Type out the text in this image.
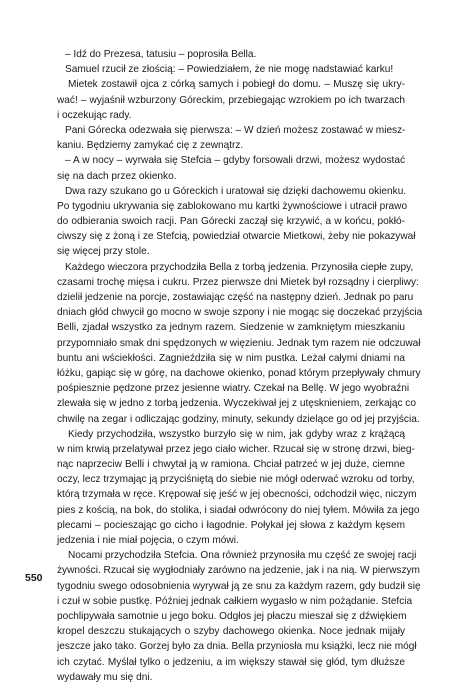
– Idź do Prezesa, tatusiu – poprosiła Bella.
Samuel rzucił ze złością: – Powiedziałem, że nie mogę nadstawiać karku!
Mietek zostawił ojca z córką samych i pobiegł do domu. – Muszę się ukry-
wać! – wyjaśnił wzburzony Góreckim, przebiegając wzrokiem po ich twarzach
i oczekując rady.
Pani Górecka odezwała się pierwsza: – W dzień możesz zostawać w miesz-
kaniu. Będziemy zamykać cię z zewnątrz.
– A w nocy – wyrwała się Stefcia – gdyby forsowali drzwi, możesz wydostać
się na dach przez okienko.
Dwa razy szukano go u Góreckich i uratował się dzięki dachowemu okienku.
Po tygodniu ukrywania się zablokowano mu kartki żywnościowe i utracił prawo
do odbierania swoich racji. Pan Górecki zaczął się krzywić, a w końcu, pokłó-
ciwszy się z żoną i ze Stefcią, powiedział otwarcie Mietkowi, żeby nie pokazywał
się więcej przy stole.
Każdego wieczora przychodziła Bella z torbą jedzenia. Przynosiła ciepłe zupy,
czasami trochę mięsa i cukru. Przez pierwsze dni Mietek był rozsądny i cierpliwy:
dzielił jedzenie na porcje, zostawiając część na następny dzień. Jednak po paru
dniach głód chwycił go mocno w swoje szpony i nie mogąc się doczekać przyjścia
Belli, zjadał wszystko za jednym razem. Siedzenie w zamkniętym mieszkaniu
przypomniało smak dni spędzonych w więzieniu. Jednak tym razem nie odczuwał
buntu ani wściekłości. Zagnieździła się w nim pustka. Leżał całymi dniami na
łóżku, gapiąc się w górę, na dachowe okienko, ponad którym przepływały chmury
pośpiesznie pędzone przez jesienne wiatry. Czekał na Bellę. W jego wyobraźni
zlewała się w jedno z torbą jedzenia. Wyczekiwał jej z utęsknieniem, zerkając co
chwilę na zegar i odliczając godziny, minuty, sekundy dzielące go od jej przyjścia.
Kiedy przychodziła, wszystko burzyło się w nim, jak gdyby wraz z krążącą
w nim krwią przelatywał przez jego ciało wicher. Rzucał się w stronę drzwi, bieg-
nąc naprzeciw Belli i chwytał ją w ramiona. Chciał patrzeć w jej duże, ciemne
oczy, lecz trzymając ją przyciśniętą do siebie nie mógł oderwać wzroku od torby,
którą trzymała w ręce. Krępował się jeść w jej obecności, odchodził więc, niczym
pies z kością, na bok, do stolika, i siadał odwrócony do niej tyłem. Mówiła za jego
plecami – pocieszając go cicho i łagodnie. Połykał jej słowa z każdym kęsem
jedzenia i nie miał pojęcia, o czym mówi.
Nocami przychodziła Stefcia. Ona również przynosiła mu część ze swojej racji
żywności. Rzucał się wygłodniały zarówno na jedzenie, jak i na nią. W pierwszym
tygodniu swego odosobnienia wyrywał ją ze snu za każdym razem, gdy budził się
i czuł w sobie pustkę. Później jednak całkiem wygasło w nim pożądanie. Stefcia
pochlipywała samotnie u jego boku. Odgłos jej płaczu mieszał się z dźwiękiem
kropel deszczu stukających o szyby dachowego okienka. Noce jednak mijały
jeszcze jako tako. Gorzej było za dnia. Bella przyniosła mu książki, lecz nie mógł
ich czytać. Myślał tylko o jedzeniu, a im większy stawał się głód, tym dłuższe
wydawały mu się dni.
550
